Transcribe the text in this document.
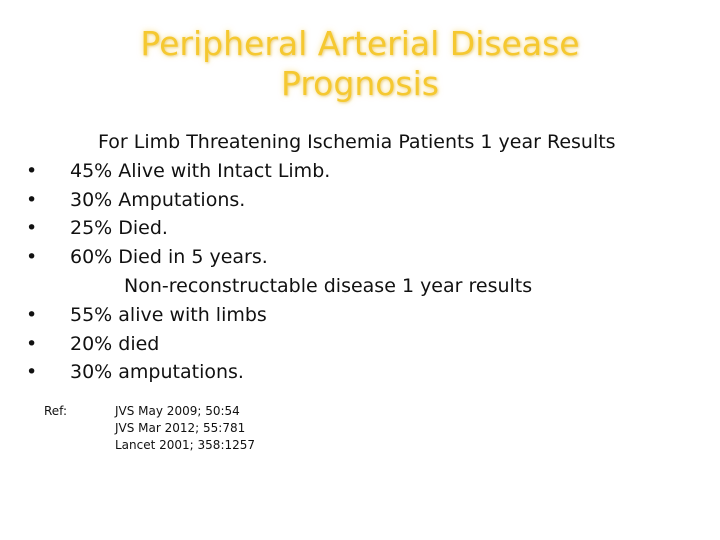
Peripheral Arterial Disease
Prognosis
For Limb Threatening Ischemia Patients 1 year Results
•	45% Alive with Intact Limb.
•	30% Amputations.
•	25% Died.
•	60% Died in 5 years.
Non-reconstructable disease 1 year results
•	55% alive with limbs
•	20% died
•	30% amputations.
Ref:	JVS May 2009; 50:54
JVS Mar 2012; 55:781
Lancet 2001; 358:1257
